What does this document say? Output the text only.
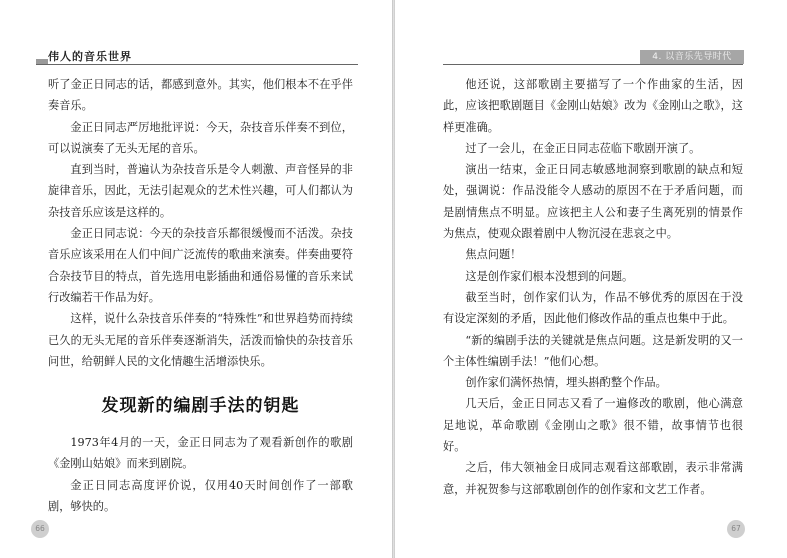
伟人的音乐世界

听了金正日同志的话，都感到意外。其实，他们根本不在乎伴奏音乐。

金正日同志严厉地批评说：今天，杂技音乐伴奏不到位，可以说演奏了无头无尾的音乐。

直到当时，普遍认为杂技音乐是令人刺激、声音怪异的非旋律音乐，因此，无法引起观众的艺术性兴趣，可人们都认为杂技音乐应该是这样的。

金正日同志说：今天的杂技音乐都很缓慢而不活泼。杂技音乐应该采用在人们中间广泛流传的歌曲来演奏。伴奏曲要符合杂技节目的特点，首先选用电影插曲和通俗易懂的音乐来试行改编若干作品为好。

这样，说什么杂技音乐伴奏的“特殊性”和世界趋势而持续已久的无头无尾的音乐伴奏逐渐消失，活泼而愉快的杂技音乐问世，给朝鲜人民的文化情趣生活增添快乐。

发现新的编剧手法的钥匙

1973年4月的一天，金正日同志为了观看新创作的歌剧《金刚山姑娘》而来到剧院。

金正日同志高度评价说，仅用40天时间创作了一部歌剧，够快的。

66
4. 以音乐先导时代

他还说，这部歌剧主要描写了一个作曲家的生活，因此，应该把歌剧题目《金刚山姑娘》改为《金刚山之歌》，这样更准确。

过了一会儿，在金正日同志莅临下歌剧开演了。

演出一结束，金正日同志敏感地洞察到歌剧的缺点和短处，强调说：作品没能令人感动的原因不在于矛盾问题，而是剧情焦点不明显。应该把主人公和妻子生离死别的情景作为焦点，使观众跟着剧中人物沉浸在悲哀之中。

焦点问题！

这是创作家们根本没想到的问题。

截至当时，创作家们认为，作品不够优秀的原因在于没有设定深刻的矛盾，因此他们修改作品的重点也集中于此。

“新的编剧手法的关键就是焦点问题。这是新发明的又一个主体性编剧手法！”他们心想。

创作家们满怀热情，埋头斟酌整个作品。

几天后，金正日同志又看了一遍修改的歌剧，他心满意足地说，革命歌剧《金刚山之歌》很不错，故事情节也很好。

之后，伟大领袖金日成同志观看这部歌剧，表示非常满意，并祝贺参与这部歌剧创作的创作家和文艺工作者。

67
